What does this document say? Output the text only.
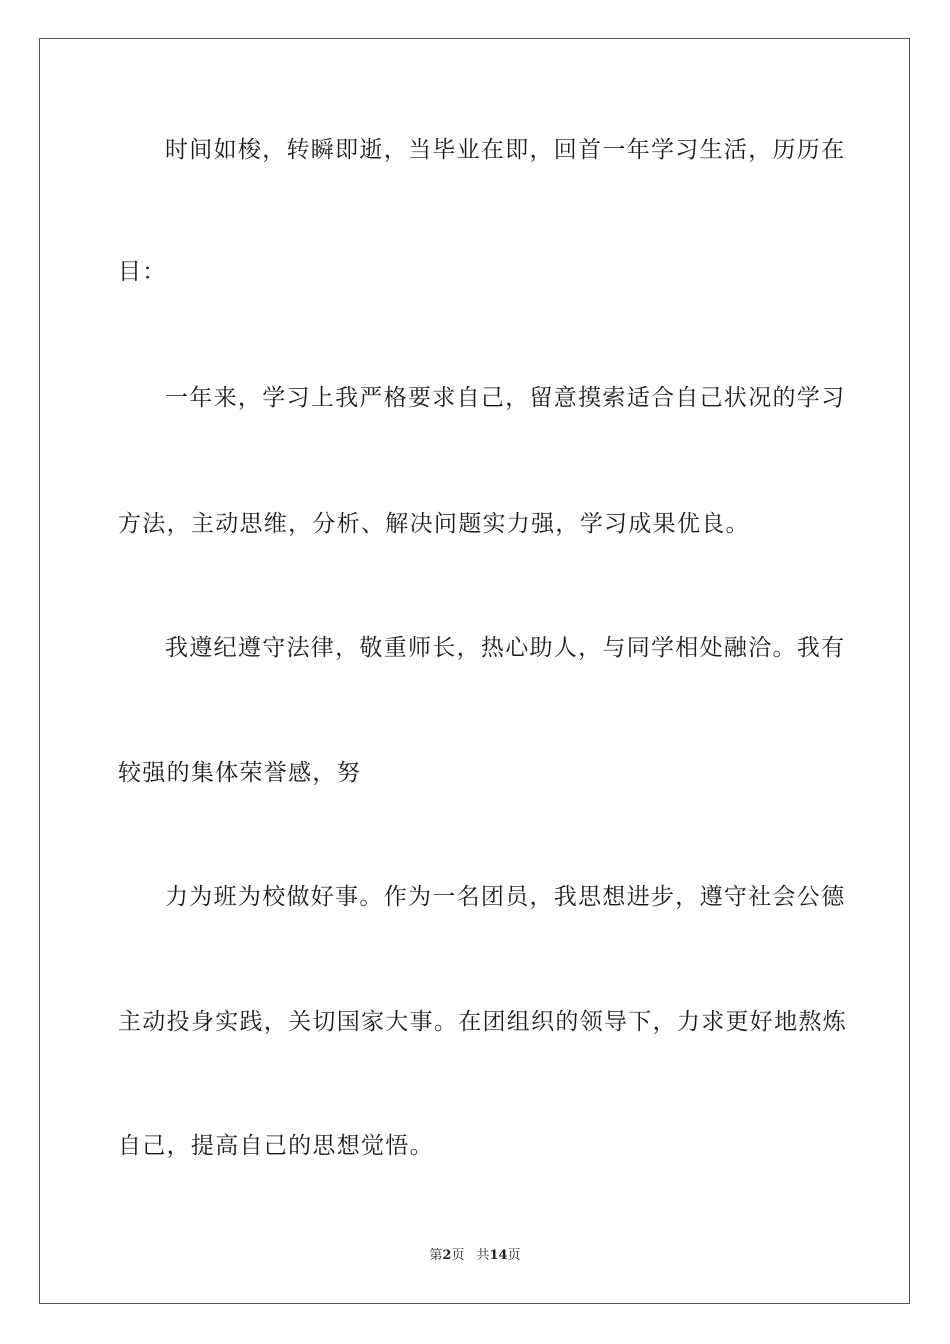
时间如梭，转瞬即逝，当毕业在即，回首一年学习生活，历历在
目：
一年来，学习上我严格要求自己，留意摸索适合自己状况的学习
方法，主动思维，分析、解决问题实力强，学习成果优良。
我遵纪遵守法律，敬重师长，热心助人，与同学相处融洽。我有
较强的集体荣誉感，努
力为班为校做好事。作为一名团员，我思想进步，遵守社会公德
主动投身实践，关切国家大事。在团组织的领导下，力求更好地熬炼
自己，提高自己的思想觉悟。
第2页 共14页
